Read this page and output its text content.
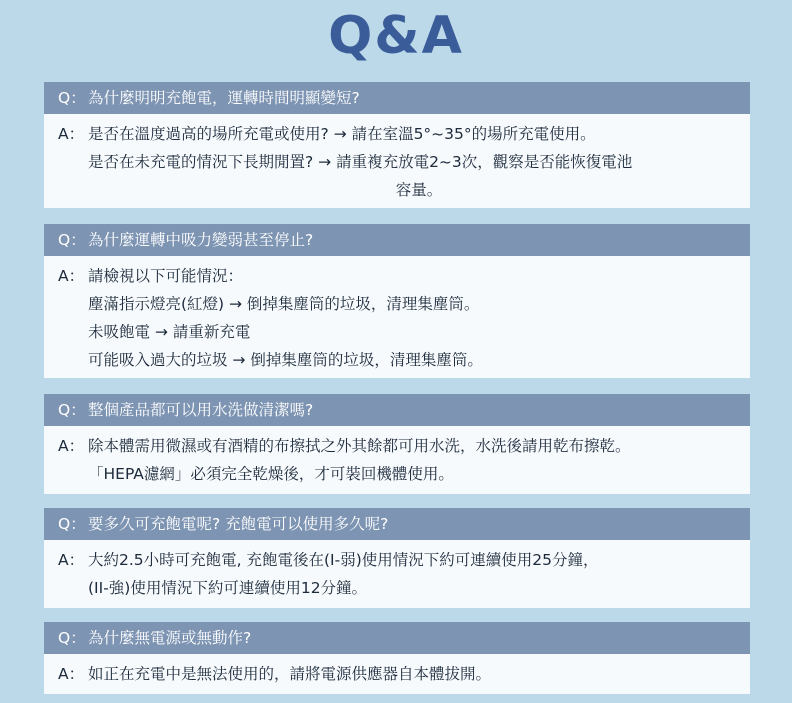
Q&A
Q： 為什麼明明充飽電，運轉時間明顯變短?
A： 是否在溫度過高的場所充電或使用? → 請在室溫5°~35°的場所充電使用。
是否在未充電的情況下長期閒置? → 請重複充放電2~3次，觀察是否能恢復電池
容量。
Q： 為什麼運轉中吸力變弱甚至停止?
A： 請檢視以下可能情況：
塵滿指示燈亮(紅燈) → 倒掉集塵筒的垃圾，清理集塵筒。
未吸飽電 → 請重新充電
可能吸入過大的垃圾 → 倒掉集塵筒的垃圾，清理集塵筒。
Q： 整個產品都可以用水洗做清潔嗎?
A： 除本體需用微濕或有酒精的布擦拭之外其餘都可用水洗，水洗後請用乾布擦乾。
「HEPA濾網」必須完全乾燥後，才可裝回機體使用。
Q： 要多久可充飽電呢? 充飽電可以使用多久呢?
A： 大約2.5小時可充飽電, 充飽電後在(I-弱)使用情況下約可連續使用25分鐘，
(II-強)使用情況下約可連續使用12分鐘。
Q： 為什麼無電源或無動作?
A： 如正在充電中是無法使用的，請將電源供應器自本體拔開。
